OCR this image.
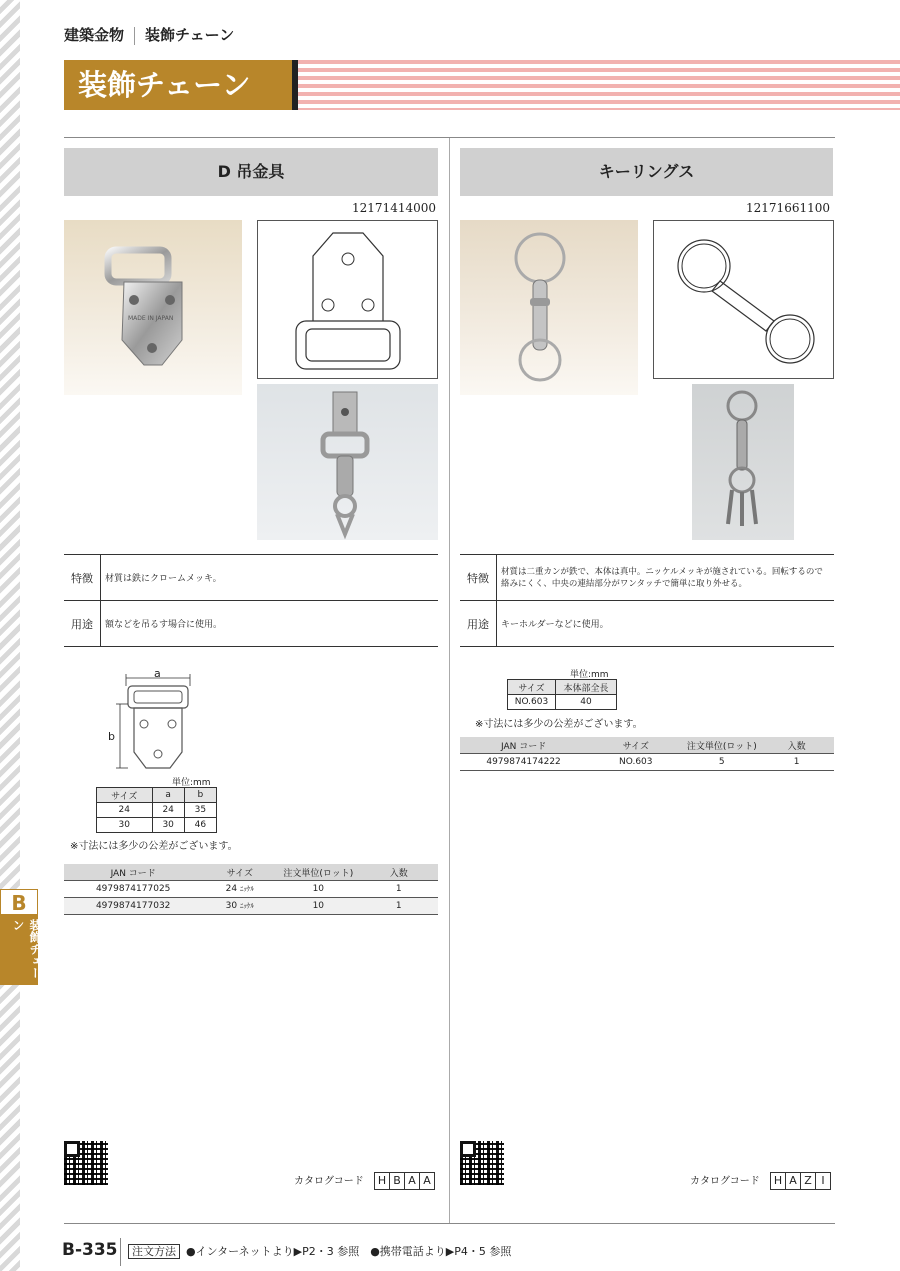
建築金物 装飾チェーン
装飾チェーン
D 吊金具
12171414000
MADE IN JAPAN
特徴	材質は鉄にクロームメッキ。
用途	額などを吊るす場合に使用。
a
b
単位:mm
サイズ	a	b
24	24	35
30	30	46
※寸法には多少の公差がございます。
JAN コード	サイズ	注文単位(ロット)	入数
4979874177025	24 ﾆｯｹﾙ	10	1
4979874177032	30 ﾆｯｹﾙ	10	1
カタログコード H B A A
キーリングス
12171661100
特徴	材質は二重カンが鉄で、本体は真中。ニッケルメッキが施されている。回転するので
絡みにくく、中央の連結部分がワンタッチで簡単に取り外せる。
用途	キーホルダーなどに使用。
単位:mm
サイズ	本体部全長
NO.603	40
※寸法には多少の公差がございます。
JAN コード	サイズ	注文単位(ロット)	入数
4979874174222	NO.603	5	1
カタログコード H A Z I
B
装飾チェーン
B-335	注文方法 ●インターネットより▶P2・3 参照　●携帯電話より▶P4・5 参照
